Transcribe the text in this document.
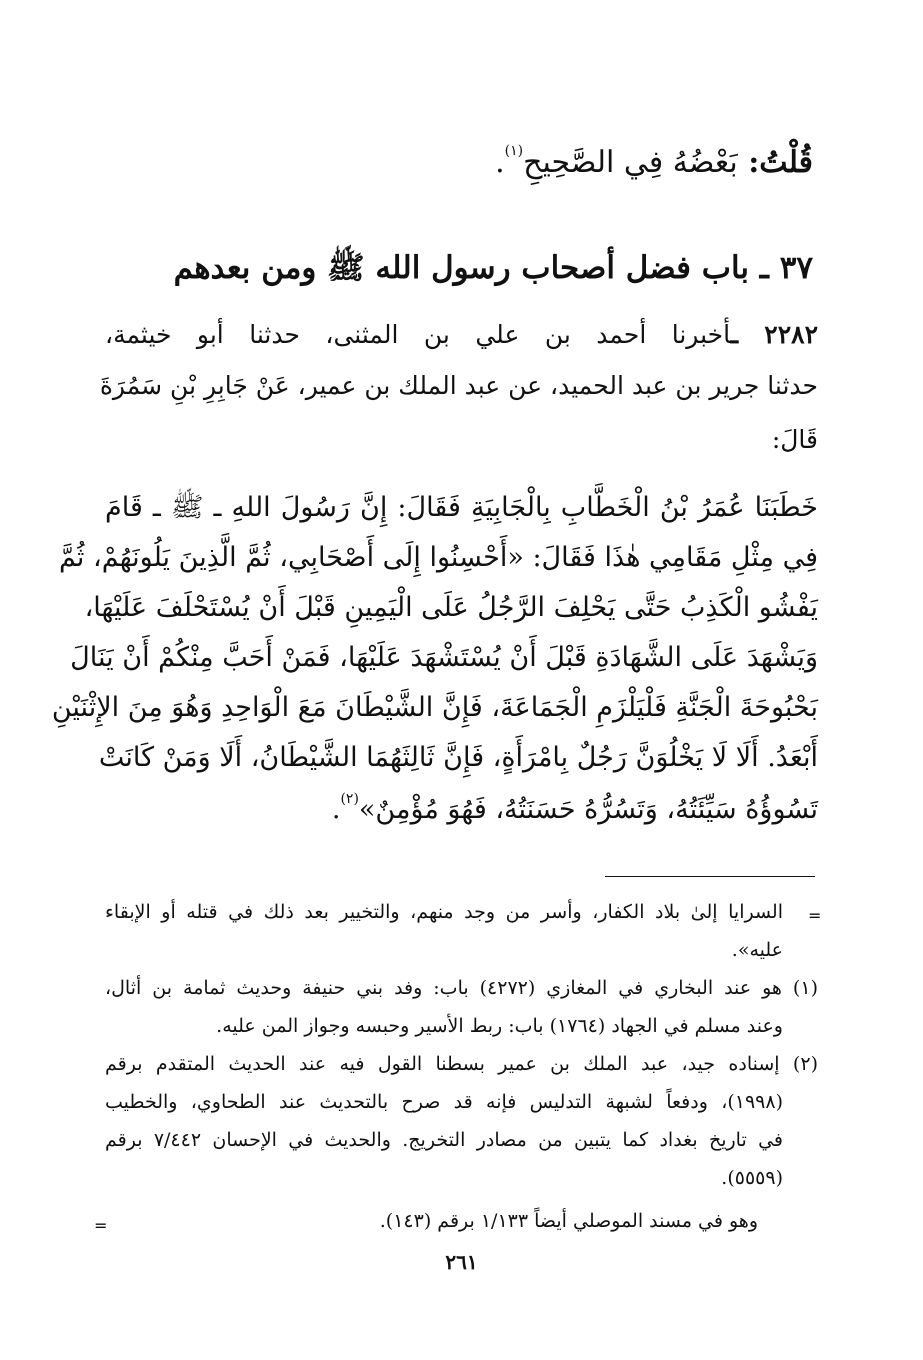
قُلْتُ: بَعْضُهُ فِي الصَّحِيحِ$^{(١)}$.
٣٧ ـ باب فضل أصحاب رسول الله ﷺ ومن بعدهم
٢٢٨٢ ـأخبرنا أحمد بن علي بن المثنى، حدثنا أبو خيثمة،
حدثنا جرير بن عبد الحميد، عن عبد الملك بن عمير، عَنْ جَابِرِ بْنِ سَمُرَةَ
قَالَ:
خَطَبَنَا عُمَرُ بْنُ الْخَطَّابِ بِالْجَابِيَةِ فَقَالَ: إِنَّ رَسُولَ اللهِ ـ ﷺ ـ قَامَ
فِي مِثْلِ مَقَامِي هٰذَا فَقَالَ: «أَحْسِنُوا إِلَى أَصْحَابِي، ثُمَّ الَّذِينَ يَلُونَهُمْ، ثُمَّ
يَفْشُو الْكَذِبُ حَتَّى يَحْلِفَ الرَّجُلُ عَلَى الْيَمِينِ قَبْلَ أَنْ يُسْتَحْلَفَ عَلَيْهَا،
وَيَشْهَدَ عَلَى الشَّهَادَةِ قَبْلَ أَنْ يُسْتَشْهَدَ عَلَيْهَا، فَمَنْ أَحَبَّ مِنْكُمْ أَنْ يَنَالَ
بَحْبُوحَةَ الْجَنَّةِ فَلْيَلْزَمِ الْجَمَاعَةَ، فَإِنَّ الشَّيْطَانَ مَعَ الْوَاحِدِ وَهُوَ مِنَ الإِثْنَيْنِ
أَبْعَدُ. أَلَا لَا يَخْلُوَنَّ رَجُلٌ بِامْرَأَةٍ، فَإِنَّ ثَالِثَهُمَا الشَّيْطَانُ، أَلَا وَمَنْ كَانَتْ
تَسُوؤُهُ سَيِّئَتُهُ، وَتَسُرُّهُ حَسَنَتُهُ، فَهُوَ مُؤْمِنٌ»$^{(٢)}$.
=
السرايا إلىٰ بلاد الكفار، وأسر من وجد منهم، والتخيير بعد ذلك في قتله أو الإبقاء
عليه».
(١) هو عند البخاري في المغازي (٤٢٧٢) باب: وفد بني حنيفة وحديث ثمامة بن أثال،
وعند مسلم في الجهاد (١٧٦٤) باب: ربط الأسير وحبسه وجواز المن عليه.
(٢) إسناده جيد، عبد الملك بن عمير بسطنا القول فيه عند الحديث المتقدم برقم
(١٩٩٨)، ودفعاً لشبهة التدليس فإنه قد صرح بالتحديث عند الطحاوي، والخطيب
في تاريخ بغداد كما يتبين من مصادر التخريج. والحديث في الإحسان ٧/٤٤٢ برقم
(٥٥٥٩).
وهو في مسند الموصلي أيضاً ١/١٣٣ برقم (١٤٣).
=
٢٦١
